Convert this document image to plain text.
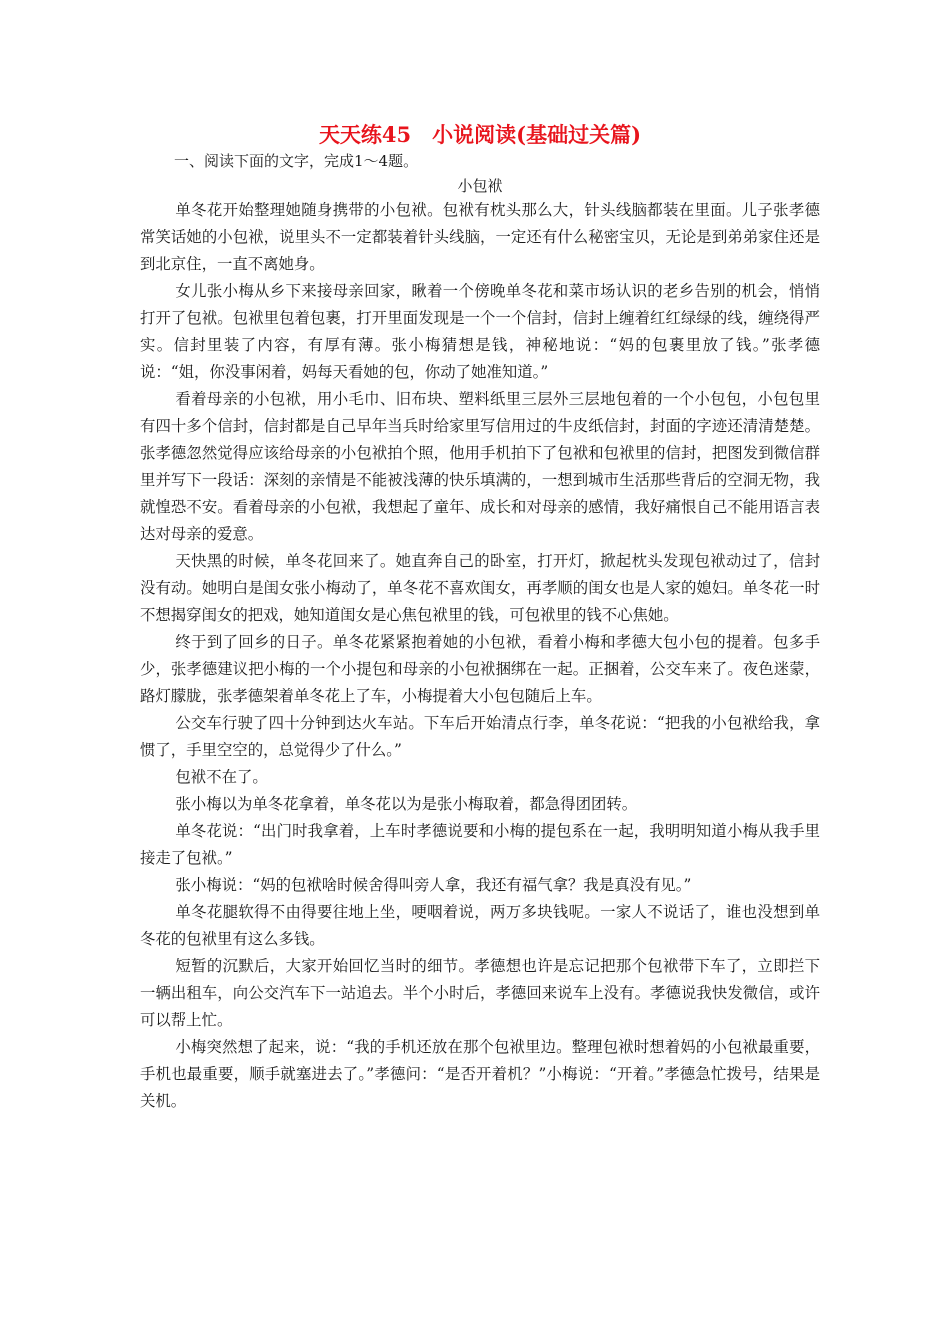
天天练45　小说阅读(基础过关篇)

一、阅读下面的文字，完成1～4题。

小包袱

单冬花开始整理她随身携带的小包袱。包袱有枕头那么大，针头线脑都装在里面。儿子张孝德常笑话她的小包袱，说里头不一定都装着针头线脑，一定还有什么秘密宝贝，无论是到弟弟家住还是到北京住，一直不离她身。

女儿张小梅从乡下来接母亲回家，瞅着一个傍晚单冬花和菜市场认识的老乡告别的机会，悄悄打开了包袱。包袱里包着包裹，打开里面发现是一个一个信封，信封上缠着红红绿绿的线，缠绕得严实。信封里装了内容，有厚有薄。张小梅猜想是钱，神秘地说：“妈的包裹里放了钱。”张孝德说：“姐，你没事闲着，妈每天看她的包，你动了她准知道。”

看着母亲的小包袱，用小毛巾、旧布块、塑料纸里三层外三层地包着的一个小包包，小包包里有四十多个信封，信封都是自己早年当兵时给家里写信用过的牛皮纸信封，封面的字迹还清清楚楚。张孝德忽然觉得应该给母亲的小包袱拍个照，他用手机拍下了包袱和包袱里的信封，把图发到微信群里并写下一段话：深刻的亲情是不能被浅薄的快乐填满的，一想到城市生活那些背后的空洞无物，我就惶恐不安。看着母亲的小包袱，我想起了童年、成长和对母亲的感情，我好痛恨自己不能用语言表达对母亲的爱意。

天快黑的时候，单冬花回来了。她直奔自己的卧室，打开灯，掀起枕头发现包袱动过了，信封没有动。她明白是闺女张小梅动了，单冬花不喜欢闺女，再孝顺的闺女也是人家的媳妇。单冬花一时不想揭穿闺女的把戏，她知道闺女是心焦包袱里的钱，可包袱里的钱不心焦她。

终于到了回乡的日子。单冬花紧紧抱着她的小包袱，看着小梅和孝德大包小包的提着。包多手少，张孝德建议把小梅的一个小提包和母亲的小包袱捆绑在一起。正捆着，公交车来了。夜色迷蒙，路灯朦胧，张孝德架着单冬花上了车，小梅提着大小包包随后上车。

公交车行驶了四十分钟到达火车站。下车后开始清点行李，单冬花说：“把我的小包袱给我，拿惯了，手里空空的，总觉得少了什么。”

包袱不在了。

张小梅以为单冬花拿着，单冬花以为是张小梅取着，都急得团团转。

单冬花说：“出门时我拿着，上车时孝德说要和小梅的提包系在一起，我明明知道小梅从我手里接走了包袱。”

张小梅说：“妈的包袱啥时候舍得叫旁人拿，我还有福气拿？我是真没有见。”

单冬花腿软得不由得要往地上坐，哽咽着说，两万多块钱呢。一家人不说话了，谁也没想到单冬花的包袱里有这么多钱。

短暂的沉默后，大家开始回忆当时的细节。孝德想也许是忘记把那个包袱带下车了，立即拦下一辆出租车，向公交汽车下一站追去。半个小时后，孝德回来说车上没有。孝德说我快发微信，或许可以帮上忙。

小梅突然想了起来，说：“我的手机还放在那个包袱里边。整理包袱时想着妈的小包袱最重要，手机也最重要，顺手就塞进去了。”孝德问：“是否开着机？”小梅说：“开着。”孝德急忙拨号，结果是关机。
